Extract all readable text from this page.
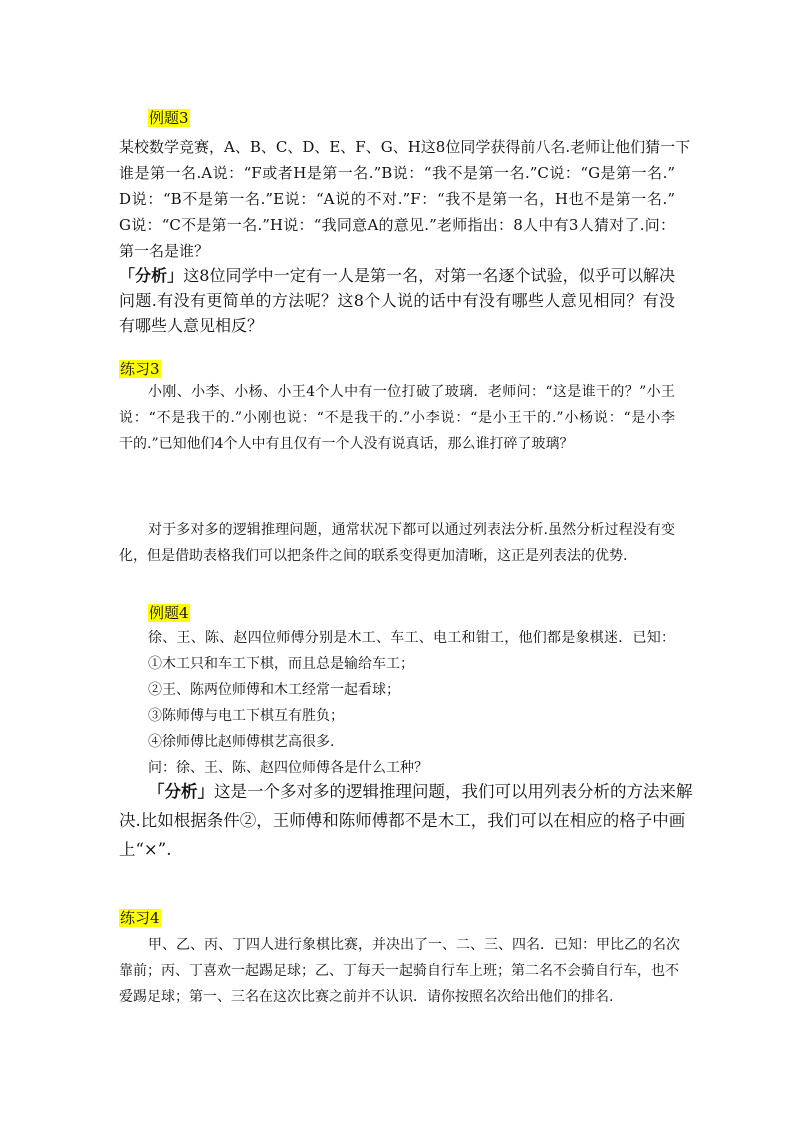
例题3
某校数学竞赛，A、B、C、D、E、F、G、H这8位同学获得前八名.老师让他们猜一下
谁是第一名.A说：“F或者H是第一名.”B说：“我不是第一名.”C说：“G是第一名.”
D说：“B不是第一名.”E说：“A说的不对.”F：“我不是第一名，H也不是第一名.”
G说：“C不是第一名.”H说：“我同意A的意见.”老师指出：8人中有3人猜对了.问：
第一名是谁？
「分析」这8位同学中一定有一人是第一名，对第一名逐个试验，似乎可以解决
问题.有没有更简单的方法呢？这8个人说的话中有没有哪些人意见相同？有没
有哪些人意见相反？
练习3
小刚、小李、小杨、小王4个人中有一位打破了玻璃．老师问：“这是谁干的？”小王
说：“不是我干的.”小刚也说：“不是我干的.”小李说：“是小王干的.”小杨说：“是小李
干的.”已知他们4个人中有且仅有一个人没有说真话，那么谁打碎了玻璃？
对于多对多的逻辑推理问题，通常状况下都可以通过列表法分析.虽然分析过程没有变
化，但是借助表格我们可以把条件之间的联系变得更加清晰，这正是列表法的优势.
例题4
徐、王、陈、赵四位师傅分别是木工、车工、电工和钳工，他们都是象棋迷．已知：
①木工只和车工下棋，而且总是输给车工；
②王、陈两位师傅和木工经常一起看球；
③陈师傅与电工下棋互有胜负；
④徐师傅比赵师傅棋艺高很多.
问：徐、王、陈、赵四位师傅各是什么工种？
「分析」这是一个多对多的逻辑推理问题，我们可以用列表分析的方法来解
决.比如根据条件②，王师傅和陈师傅都不是木工，我们可以在相应的格子中画
上“×”.
练习4
甲、乙、丙、丁四人进行象棋比赛，并决出了一、二、三、四名．已知：甲比乙的名次
靠前；丙、丁喜欢一起踢足球；乙、丁每天一起骑自行车上班；第二名不会骑自行车，也不
爱踢足球；第一、三名在这次比赛之前并不认识．请你按照名次给出他们的排名.
